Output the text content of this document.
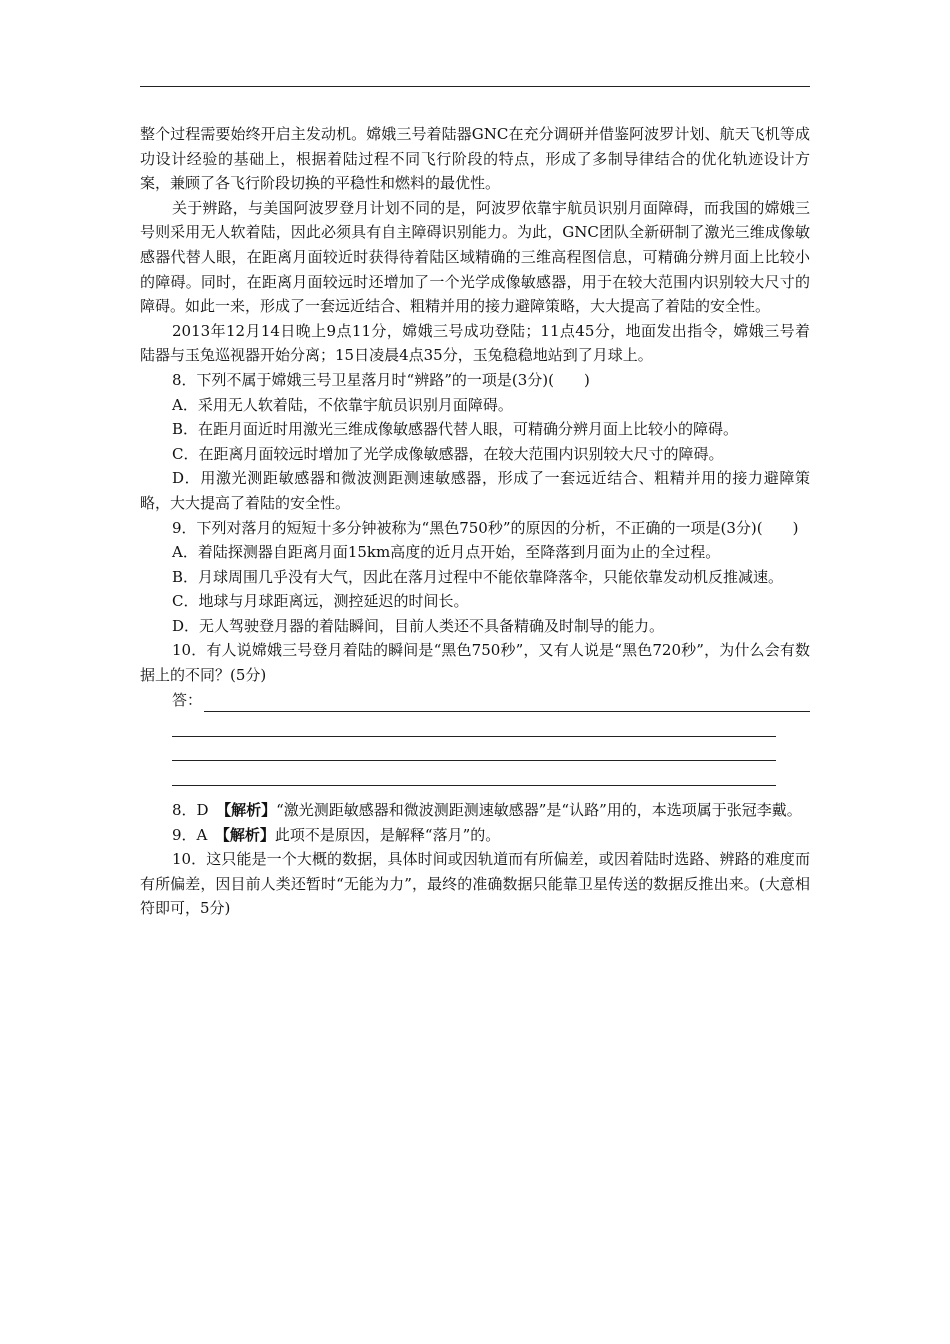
整个过程需要始终开启主发动机。嫦娥三号着陆器GNC在充分调研并借鉴阿波罗计划、航天飞机等成功设计经验的基础上，根据着陆过程不同飞行阶段的特点，形成了多制导律结合的优化轨迹设计方案，兼顾了各飞行阶段切换的平稳性和燃料的最优性。

关于辨路，与美国阿波罗登月计划不同的是，阿波罗依靠宇航员识别月面障碍，而我国的嫦娥三号则采用无人软着陆，因此必须具有自主障碍识别能力。为此，GNC团队全新研制了激光三维成像敏感器代替人眼，在距离月面较近时获得待着陆区域精确的三维高程图信息，可精确分辨月面上比较小的障碍。同时，在距离月面较远时还增加了一个光学成像敏感器，用于在较大范围内识别较大尺寸的障碍。如此一来，形成了一套远近结合、粗精并用的接力避障策略，大大提高了着陆的安全性。

2013年12月14日晚上9点11分，嫦娥三号成功登陆；11点45分，地面发出指令，嫦娥三号着陆器与玉兔巡视器开始分离；15日凌晨4点35分，玉兔稳稳地站到了月球上。

8．下列不属于嫦娥三号卫星落月时“辨路”的一项是(3分)(　　)

A．采用无人软着陆，不依靠宇航员识别月面障碍。

B．在距月面近时用激光三维成像敏感器代替人眼，可精确分辨月面上比较小的障碍。

C．在距离月面较远时增加了光学成像敏感器，在较大范围内识别较大尺寸的障碍。

D．用激光测距敏感器和微波测距测速敏感器，形成了一套远近结合、粗精并用的接力避障策略，大大提高了着陆的安全性。

9．下列对落月的短短十多分钟被称为“黑色750秒”的原因的分析，不正确的一项是(3分)(　　)

A．着陆探测器自距离月面15km高度的近月点开始，至降落到月面为止的全过程。

B．月球周围几乎没有大气，因此在落月过程中不能依靠降落伞，只能依靠发动机反推减速。

C．地球与月球距离远，测控延迟的时间长。

D．无人驾驶登月器的着陆瞬间，目前人类还不具备精确及时制导的能力。

10．有人说嫦娥三号登月着陆的瞬间是“黑色750秒”，又有人说是“黑色720秒”，为什么会有数据上的不同？(5分)

答：

8．D　【解析】“激光测距敏感器和微波测距测速敏感器”是“认路”用的，本选项属于张冠李戴。

9．A　【解析】此项不是原因，是解释“落月”的。

10．这只能是一个大概的数据，具体时间或因轨道而有所偏差，或因着陆时选路、辨路的难度而有所偏差，因目前人类还暂时“无能为力”，最终的准确数据只能靠卫星传送的数据反推出来。(大意相符即可，5分)
